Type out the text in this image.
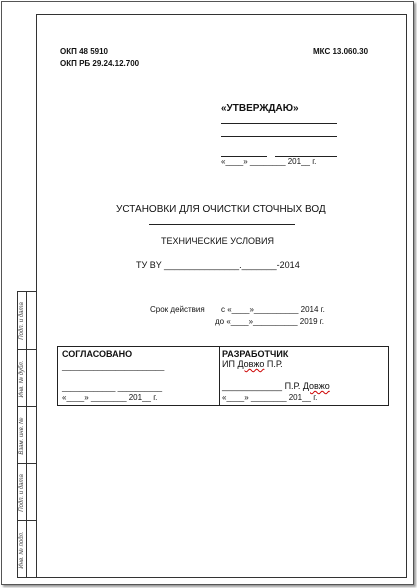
Подп. и дата
Инв. № дубл.
Взам. инв. №
Подп. и дата
Инв. № подл.
ОКП 48 5910
ОКП РБ 29.24.12.700
МКС 13.060.30
«УТВЕРЖДАЮ»
«____» ________ 201__ г.
УСТАНОВКИ ДЛЯ ОЧИСТКИ СТОЧНЫХ ВОД
ТЕХНИЧЕСКИЕ УСЛОВИЯ
ТУ BY _______________._______-2014
Срок действия с «____»__________ 2014 г.
до «____»__________ 2019 г.
СОГЛАСОВАНО
_______________________
____________ __________
«____» ________ 201__ г.
РАЗРАБОТЧИК
ИП Довжо П.Р.
____________ П.Р. Довжо
«____» ________ 201__ г.
